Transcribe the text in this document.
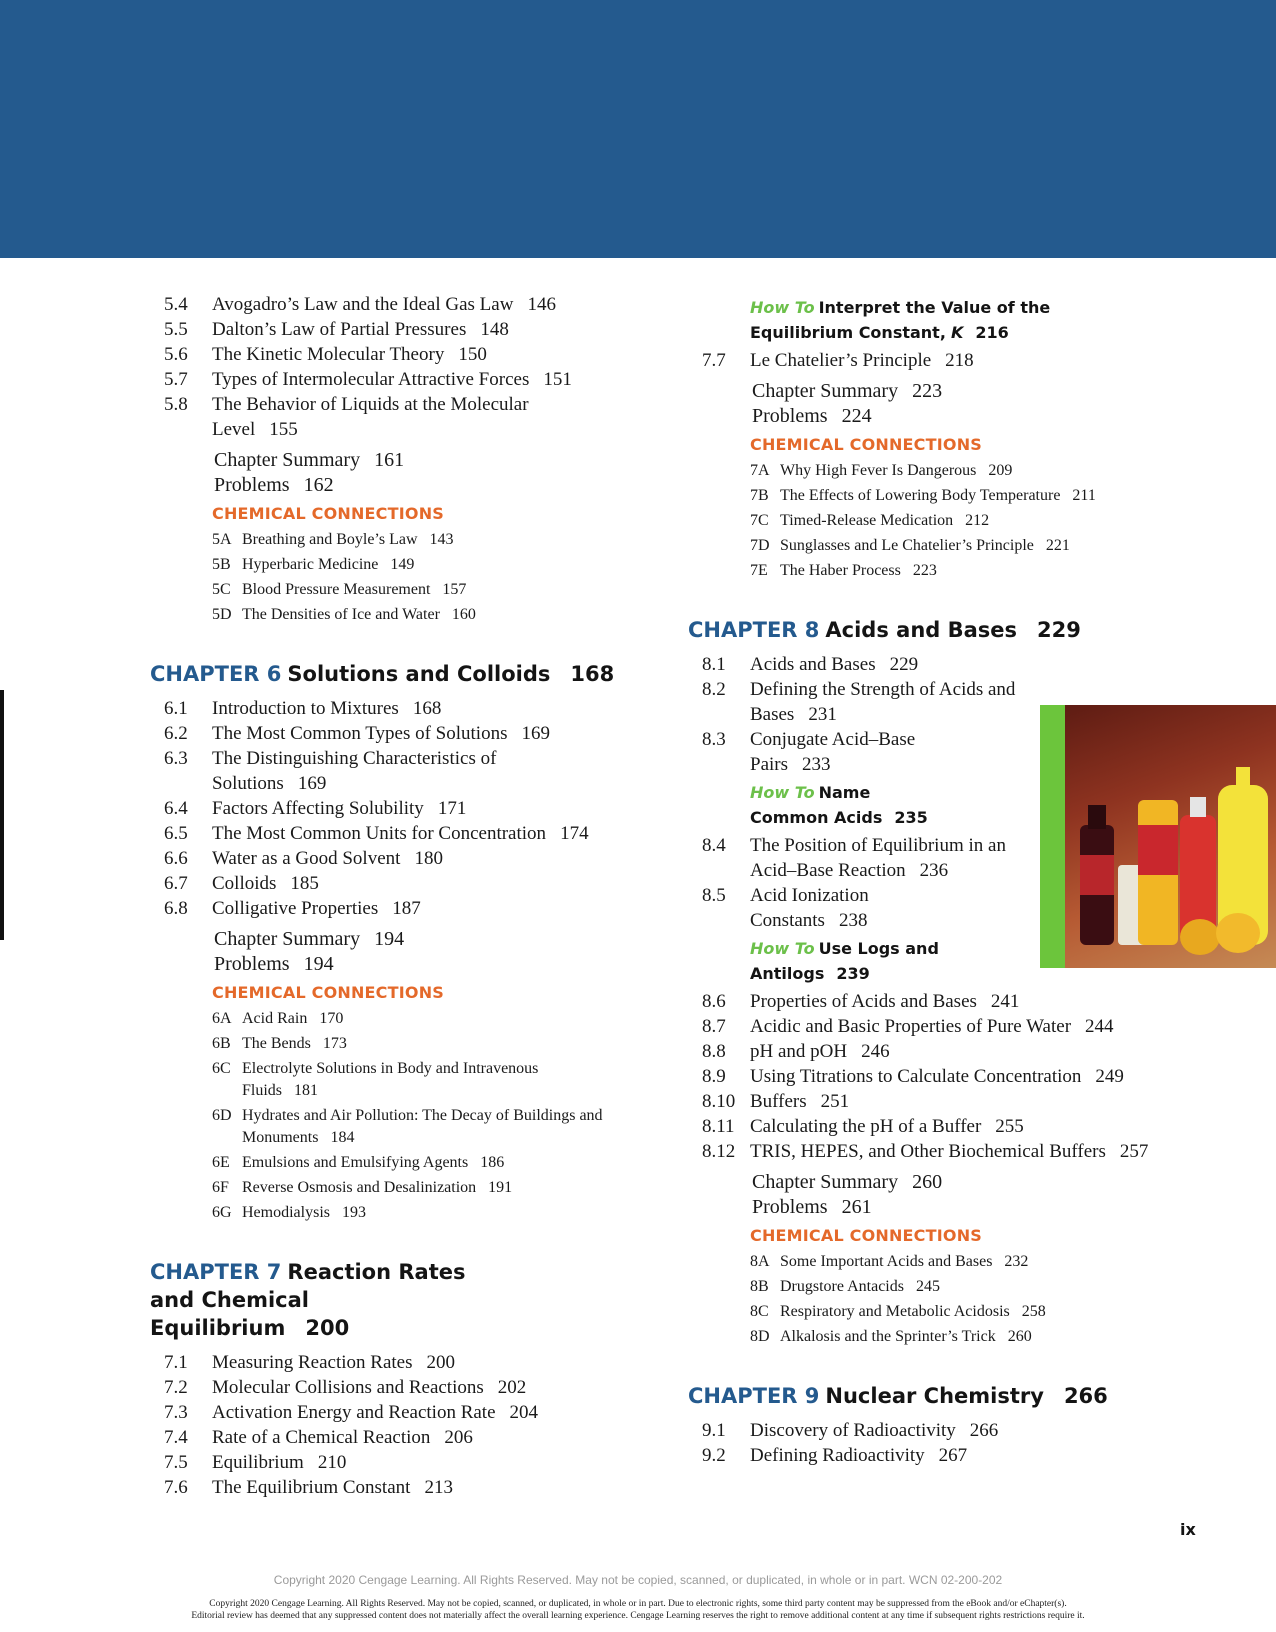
5.4	Avogadro’s Law and the Ideal Gas Law 146
5.5	Dalton’s Law of Partial Pressures 148
5.6	The Kinetic Molecular Theory 150
5.7	Types of Intermolecular Attractive Forces 151
5.8	The Behavior of Liquids at the Molecular Level 155
Chapter Summary 161
Problems 162
CHEMICAL CONNECTIONS
5A Breathing and Boyle’s Law 143
5B Hyperbaric Medicine 149
5C Blood Pressure Measurement 157
5D The Densities of Ice and Water 160
CHAPTER 6 Solutions and Colloids 168
6.1	Introduction to Mixtures 168
6.2	The Most Common Types of Solutions 169
6.3	The Distinguishing Characteristics of Solutions 169
6.4	Factors Affecting Solubility 171
6.5	The Most Common Units for Concentration 174
6.6	Water as a Good Solvent 180
6.7	Colloids 185
6.8	Colligative Properties 187
Chapter Summary 194
Problems 194
CHEMICAL CONNECTIONS
6A Acid Rain 170
6B The Bends 173
6C Electrolyte Solutions in Body and Intravenous Fluids 181
6D Hydrates and Air Pollution: The Decay of Buildings and Monuments 184
6E Emulsions and Emulsifying Agents 186
6F Reverse Osmosis and Desalinization 191
6G Hemodialysis 193
CHAPTER 7 Reaction Rates and Chemical Equilibrium 200
7.1	Measuring Reaction Rates 200
7.2	Molecular Collisions and Reactions 202
7.3	Activation Energy and Reaction Rate 204
7.4	Rate of a Chemical Reaction 206
7.5	Equilibrium 210
7.6	The Equilibrium Constant 213
How To Interpret the Value of the Equilibrium Constant, K 216
7.7	Le Chatelier’s Principle 218
Chapter Summary 223
Problems 224
CHEMICAL CONNECTIONS
7A Why High Fever Is Dangerous 209
7B The Effects of Lowering Body Temperature 211
7C Timed-Release Medication 212
7D Sunglasses and Le Chatelier’s Principle 221
7E The Haber Process 223
CHAPTER 8 Acids and Bases 229
8.1	Acids and Bases 229
8.2	Defining the Strength of Acids and Bases 231
8.3	Conjugate Acid–Base Pairs 233
How To Name Common Acids 235
8.4	The Position of Equilibrium in an Acid–Base Reaction 236
8.5	Acid Ionization Constants 238
How To Use Logs and Antilogs 239
8.6	Properties of Acids and Bases 241
8.7	Acidic and Basic Properties of Pure Water 244
8.8	pH and pOH 246
8.9	Using Titrations to Calculate Concentration 249
8.10 Buffers 251
8.11 Calculating the pH of a Buffer 255
8.12 TRIS, HEPES, and Other Biochemical Buffers 257
Chapter Summary 260
Problems 261
CHEMICAL CONNECTIONS
8A Some Important Acids and Bases 232
8B Drugstore Antacids 245
8C Respiratory and Metabolic Acidosis 258
8D Alkalosis and the Sprinter’s Trick 260
CHAPTER 9 Nuclear Chemistry 266
9.1	Discovery of Radioactivity 266
9.2	Defining Radioactivity 267
ix
Copyright 2020 Cengage Learning. All Rights Reserved. May not be copied, scanned, or duplicated, in whole or in part. WCN 02-200-202
Copyright 2020 Cengage Learning. All Rights Reserved. May not be copied, scanned, or duplicated, in whole or in part. Due to electronic rights, some third party content may be suppressed from the eBook and/or eChapter(s).
Editorial review has deemed that any suppressed content does not materially affect the overall learning experience. Cengage Learning reserves the right to remove additional content at any time if subsequent rights restrictions require it.
